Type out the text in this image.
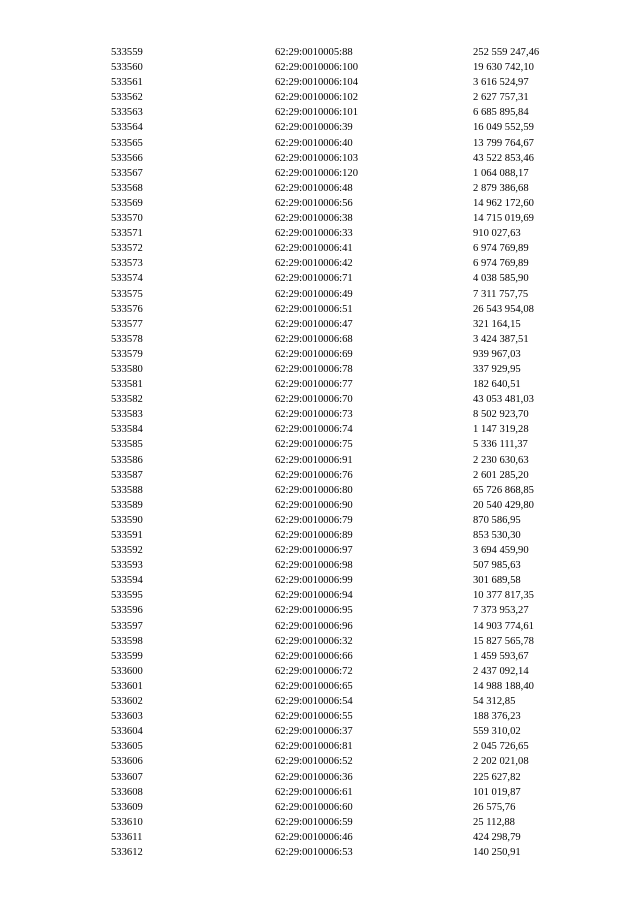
533559	62:29:0010005:88	252 559 247,46
533560	62:29:0010006:100	19 630 742,10
533561	62:29:0010006:104	3 616 524,97
533562	62:29:0010006:102	2 627 757,31
533563	62:29:0010006:101	6 685 895,84
533564	62:29:0010006:39	16 049 552,59
533565	62:29:0010006:40	13 799 764,67
533566	62:29:0010006:103	43 522 853,46
533567	62:29:0010006:120	1 064 088,17
533568	62:29:0010006:48	2 879 386,68
533569	62:29:0010006:56	14 962 172,60
533570	62:29:0010006:38	14 715 019,69
533571	62:29:0010006:33	910 027,63
533572	62:29:0010006:41	6 974 769,89
533573	62:29:0010006:42	6 974 769,89
533574	62:29:0010006:71	4 038 585,90
533575	62:29:0010006:49	7 311 757,75
533576	62:29:0010006:51	26 543 954,08
533577	62:29:0010006:47	321 164,15
533578	62:29:0010006:68	3 424 387,51
533579	62:29:0010006:69	939 967,03
533580	62:29:0010006:78	337 929,95
533581	62:29:0010006:77	182 640,51
533582	62:29:0010006:70	43 053 481,03
533583	62:29:0010006:73	8 502 923,70
533584	62:29:0010006:74	1 147 319,28
533585	62:29:0010006:75	5 336 111,37
533586	62:29:0010006:91	2 230 630,63
533587	62:29:0010006:76	2 601 285,20
533588	62:29:0010006:80	65 726 868,85
533589	62:29:0010006:90	20 540 429,80
533590	62:29:0010006:79	870 586,95
533591	62:29:0010006:89	853 530,30
533592	62:29:0010006:97	3 694 459,90
533593	62:29:0010006:98	507 985,63
533594	62:29:0010006:99	301 689,58
533595	62:29:0010006:94	10 377 817,35
533596	62:29:0010006:95	7 373 953,27
533597	62:29:0010006:96	14 903 774,61
533598	62:29:0010006:32	15 827 565,78
533599	62:29:0010006:66	1 459 593,67
533600	62:29:0010006:72	2 437 092,14
533601	62:29:0010006:65	14 988 188,40
533602	62:29:0010006:54	54 312,85
533603	62:29:0010006:55	188 376,23
533604	62:29:0010006:37	559 310,02
533605	62:29:0010006:81	2 045 726,65
533606	62:29:0010006:52	2 202 021,08
533607	62:29:0010006:36	225 627,82
533608	62:29:0010006:61	101 019,87
533609	62:29:0010006:60	26 575,76
533610	62:29:0010006:59	25 112,88
533611	62:29:0010006:46	424 298,79
533612	62:29:0010006:53	140 250,91
